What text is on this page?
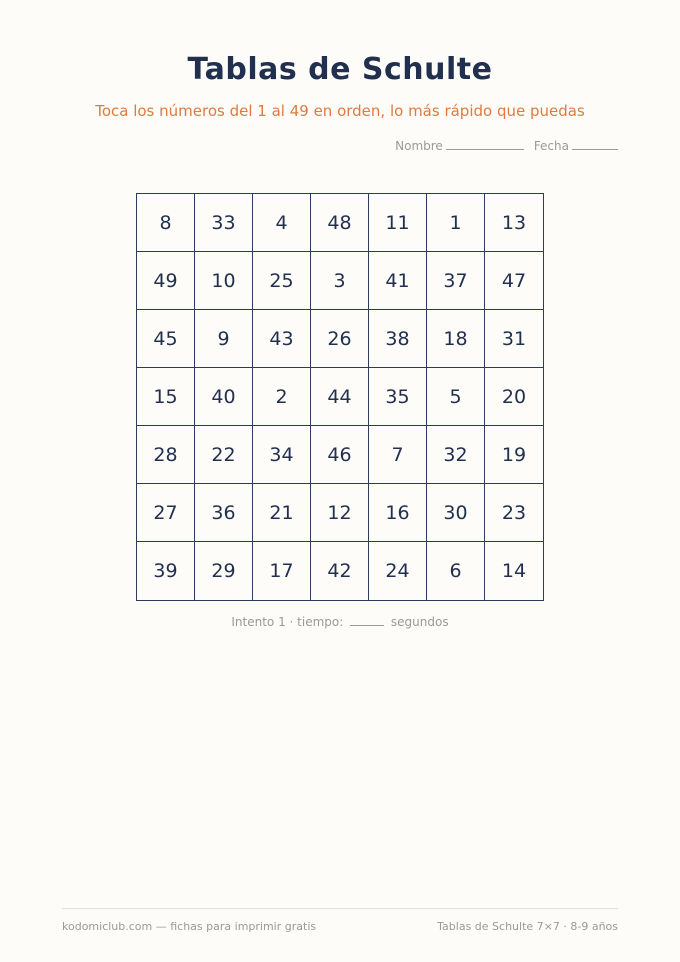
Tablas de Schulte
Toca los números del 1 al 49 en orden, lo más rápido que puedas
Nombre	Fecha
8	33	4	48	11	1	13
49	10	25	3	41	37	47
45	9	43	26	38	18	31
15	40	2	44	35	5	20
28	22	34	46	7	32	19
27	36	21	12	16	30	23
39	29	17	42	24	6	14
Intento 1 · tiempo:	segundos
kodomiclub.com — fichas para imprimir gratis	Tablas de Schulte 7×7 · 8-9 años
